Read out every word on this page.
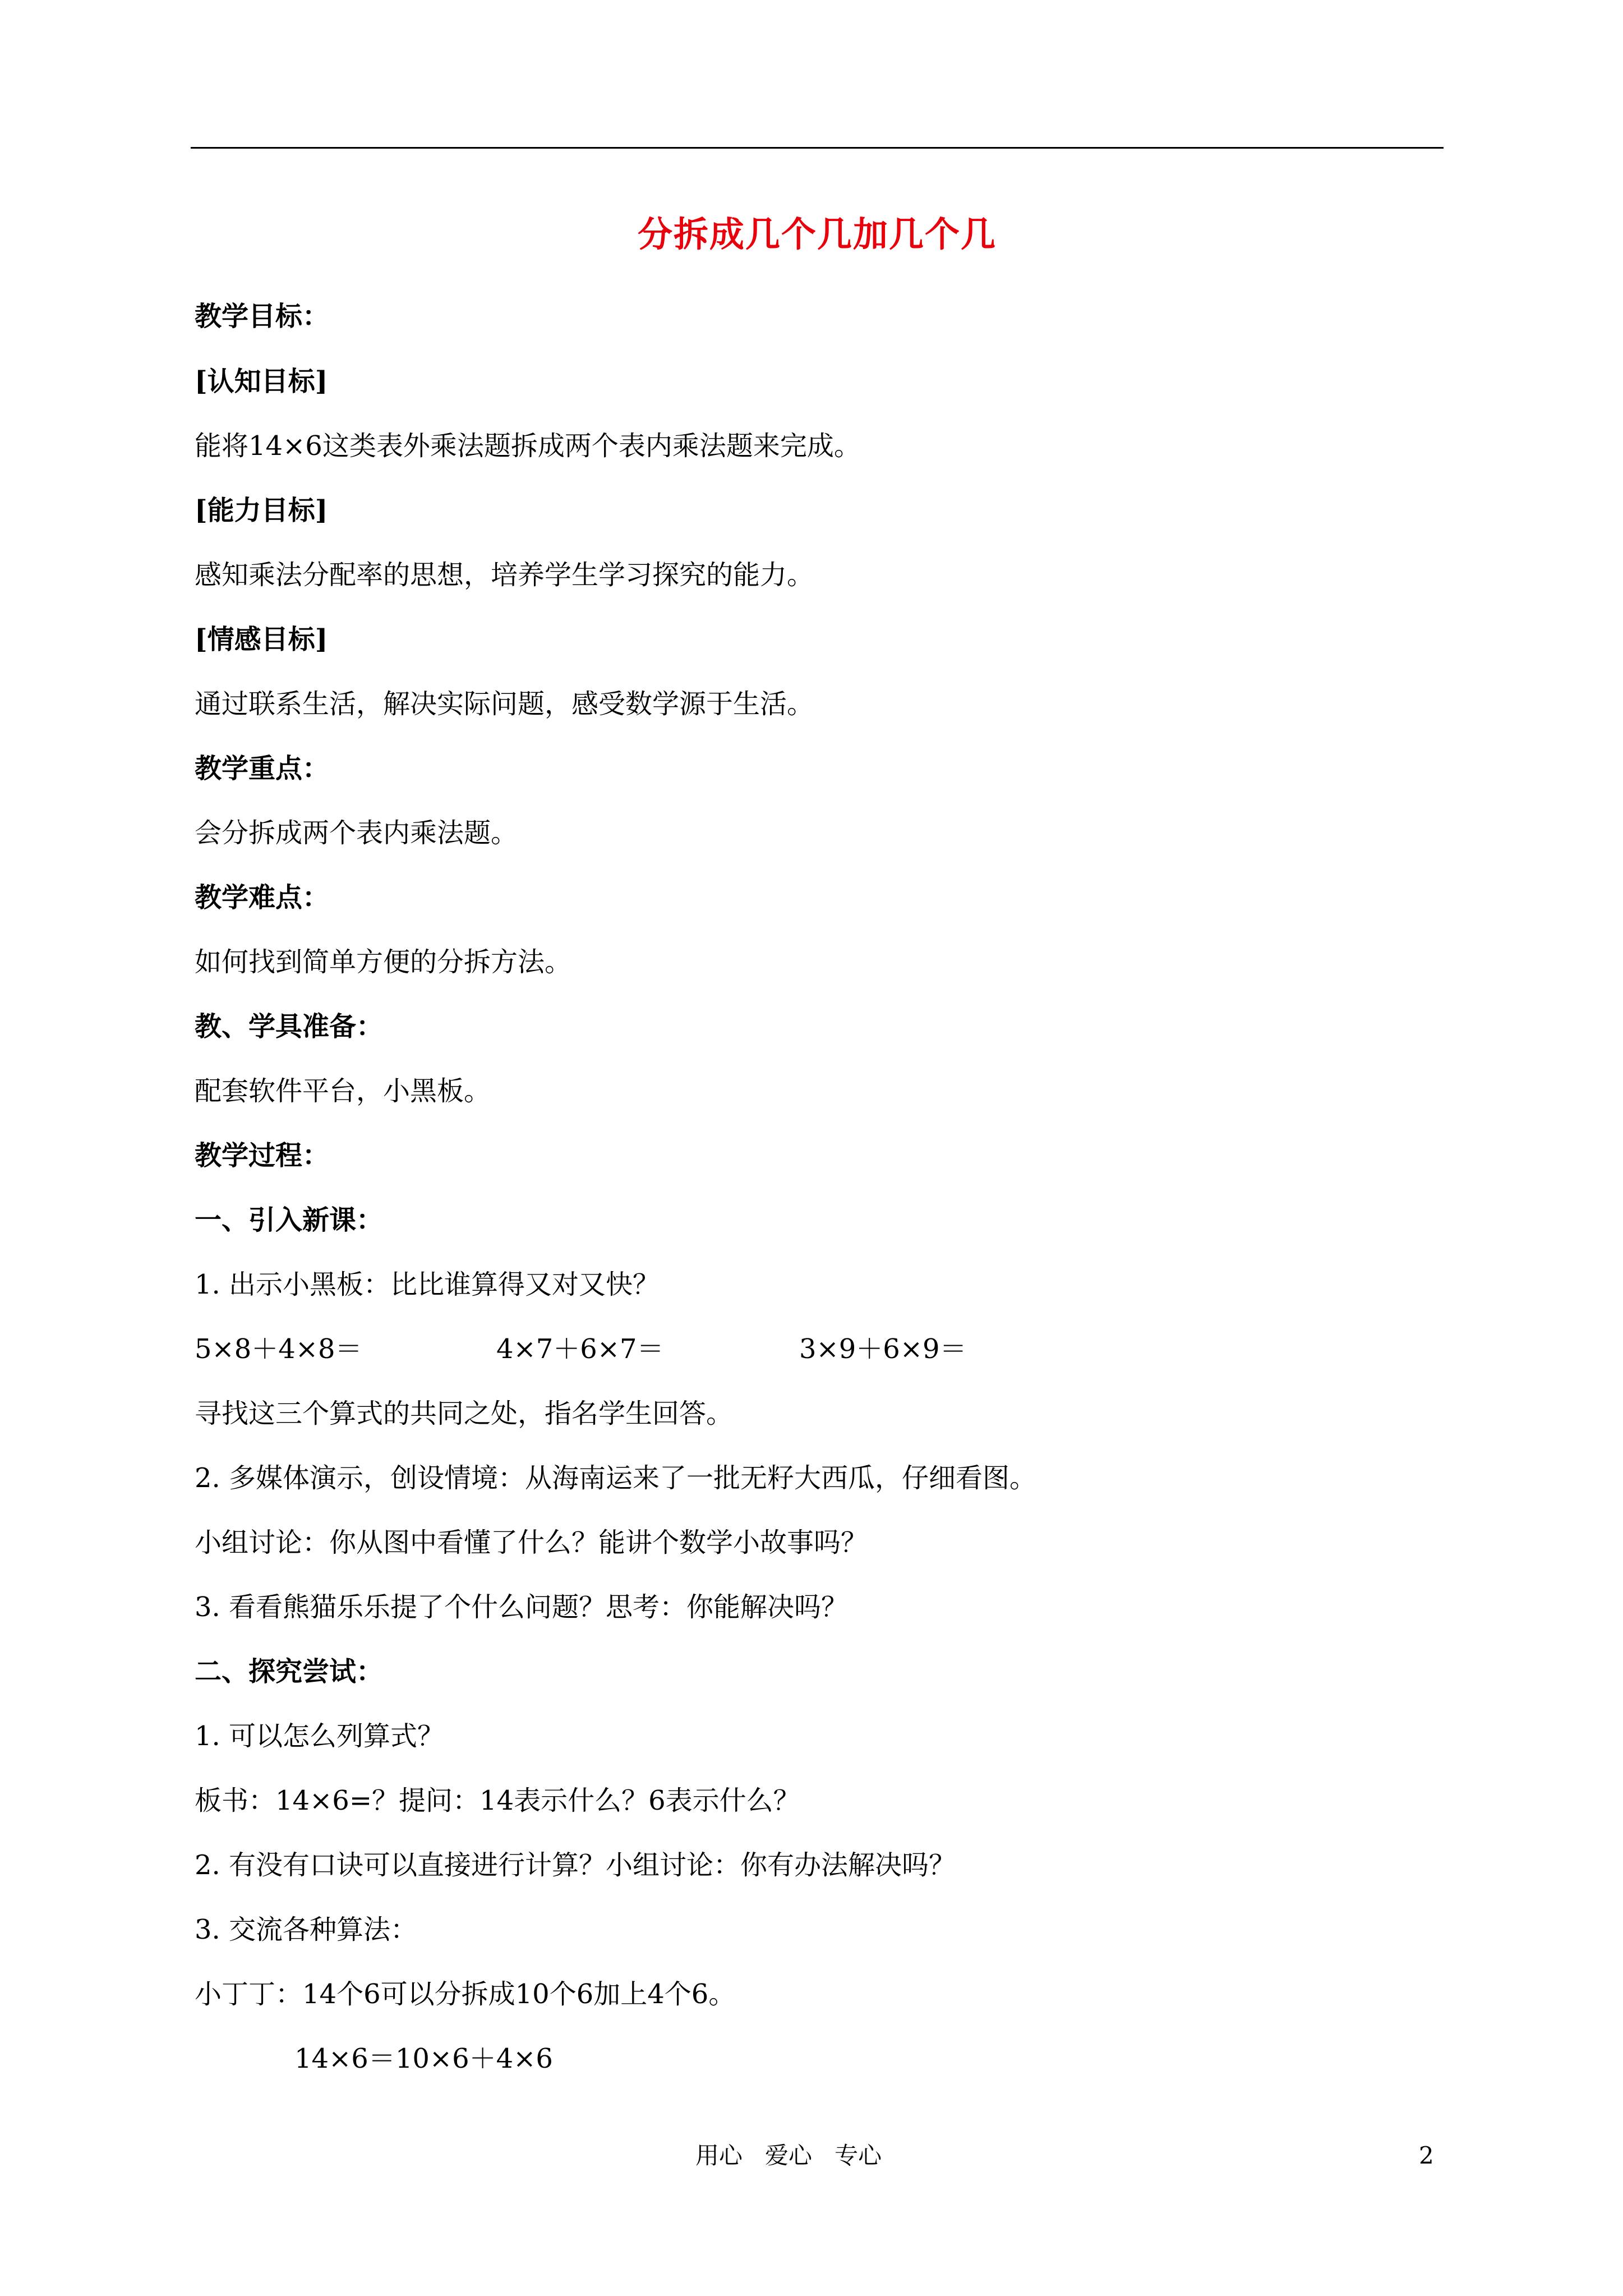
分拆成几个几加几个几
教学目标：
[认知目标]
能将14×6这类表外乘法题拆成两个表内乘法题来完成。
[能力目标]
感知乘法分配率的思想，培养学生学习探究的能力。
[情感目标]
通过联系生活，解决实际问题，感受数学源于生活。
教学重点：
会分拆成两个表内乘法题。
教学难点：
如何找到简单方便的分拆方法。
教、学具准备：
配套软件平台，小黑板。
教学过程：
一、引入新课：
1. 出示小黑板：比比谁算得又对又快？
5×8＋4×8＝	4×7＋6×7＝	3×9＋6×9＝
寻找这三个算式的共同之处，指名学生回答。
2. 多媒体演示，创设情境：从海南运来了一批无籽大西瓜，仔细看图。
小组讨论：你从图中看懂了什么？能讲个数学小故事吗？
3. 看看熊猫乐乐提了个什么问题？思考：你能解决吗？
二、探究尝试：
1. 可以怎么列算式？
板书：14×6=？提问：14表示什么？6表示什么？
2. 有没有口诀可以直接进行计算？小组讨论：你有办法解决吗？
3. 交流各种算法：
小丁丁：14个6可以分拆成10个6加上4个6。
14×6＝10×6＋4×6
用心   爱心   专心	2
